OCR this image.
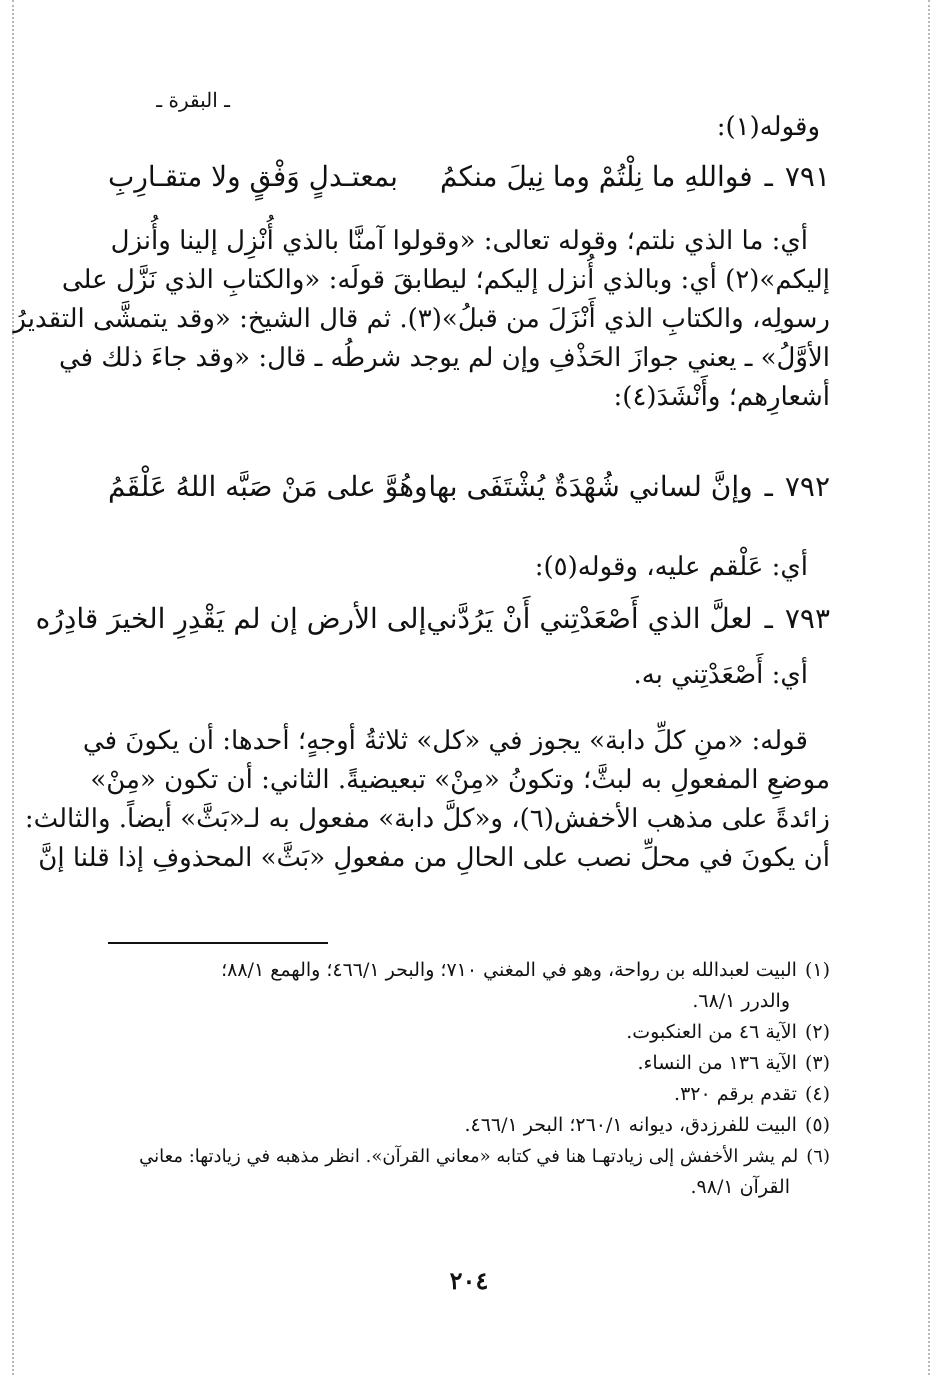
ـ البقرة ـ
وقوله(١):
٧٩١
ـ
فواللهِ ما نِلْتُمْ وما نِيلَ منكمُ
بمعتـدلٍ وَفْقٍ ولا متقـارِبِ
أي: ما الذي نلتم؛ وقوله تعالى: «وقولوا آمنَّا بالذي أُنْزِل إلينا وأُنزل
إليكم»(٢) أي: وبالذي أُنزل إليكم؛ ليطابقَ قولَه: «والكتابِ الذي نَزَّل على
رسولِه، والكتابِ الذي أَنْزَلَ من قبلُ»(٣). ثم قال الشيخ: «وقد يتمشَّى التقديرُ
الأوَّلُ» ـ يعني جوازَ الحَذْفِ وإن لم يوجد شرطُه ـ قال: «وقد جاءَ ذلك في
أشعارِهم؛ وأَنْشَدَ(٤):
٧٩٢
ـ
وإنَّ لساني شُهْدَةٌ يُشْتَفَى بها
وهُوَّ على مَنْ صَبَّه اللهُ عَلْقَمُ
أي: عَلْقم عليه، وقوله(٥):
٧٩٣
ـ
لعلَّ الذي أَصْعَدْتِني أَنْ يَرُدَّني
إلى الأرض إن لم يَقْدِرِ الخيرَ قادِرُه
أي: أَصْعَدْتِني به.
قوله: «منِ كلِّ دابة» يجوز في «كل» ثلاثةُ أوجهٍ؛ أحدها: أن يكونَ في
موضعِ المفعولِ به لبثَّ؛ وتكونُ «مِنْ» تبعيضيةً. الثاني: أن تكون «مِنْ»
زائدةً على مذهب الأخفش(٦)، و«كلَّ دابة» مفعول به لـ«بَثَّ» أيضاً. والثالث:
أن يكونَ في محلِّ نصب على الحالِ من مفعولِ «بَثَّ» المحذوفِ إذا قلنا إنَّ
(١)البيت لعبدالله بن رواحة، وهو في المغني ٧١٠؛ والبحر ٤٦٦/١؛ والهمع ٨٨/١؛
والدرر ٦٨/١.
(٢)الآية ٤٦ من العنكبوت.
(٣)الآية ١٣٦ من النساء.
(٤)تقدم برقم ٣٢٠.
(٥)البيت للفرزدق، ديوانه ٢٦٠/١؛ البحر ٤٦٦/١.
(٦)لم يشر الأخفش إلى زيادتهـا هنا في كتابه «معاني القرآن». انظر مذهبه في زيادتها: معاني
القرآن ٩٨/١.
٢٠٤
